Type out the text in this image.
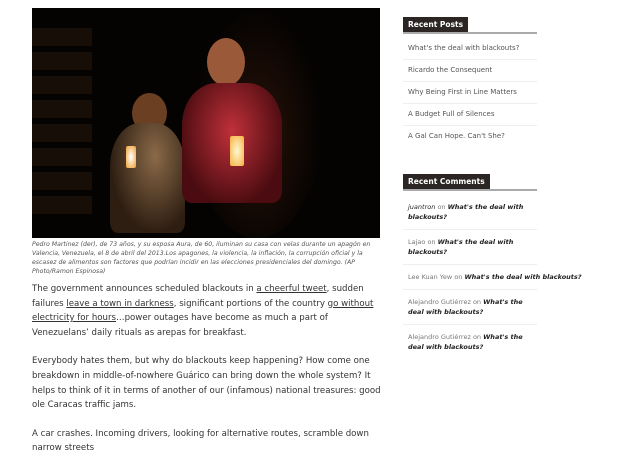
Pedro Martinez (der), de 73 años, y su esposa Aura, de 60, iluminan su casa con velas durante un apagón en Valencia, Venezuela, el 8 de abril del 2013.Los apagones, la violencia, la inflación, la corrupción oficial y la escasez de alimentos son factores que podrían incidir en las elecciones presidenciales del domingo. (AP Photo/Ramon Espinosa)

The government announces scheduled blackouts in a cheerful tweet, sudden failures leave a town in darkness, significant portions of the country go without electricity for hours…power outages have become as much a part of Venezuelans’ daily rituals as arepas for breakfast.

Everybody hates them, but why do blackouts keep happening? How come one breakdown in middle-of-nowhere Guárico can bring down the whole system? It helps to think of it in terms of another of our (infamous) national treasures: good ole Caracas traffic jams.

A car crashes. Incoming drivers, looking for alternative routes, scramble down narrow streets

Recent Posts
What's the deal with blackouts?
Ricardo the Consequent
Why Being First in Line Matters
A Budget Full of Silences
A Gal Can Hope. Can't She?
Recent Comments
juantron on What's the deal with blackouts?
Lajao on What's the deal with blackouts?
Lee Kuan Yew on What's the deal with blackouts?
Alejandro Gutiérrez on What's the deal with blackouts?
Alejandro Gutiérrez on What's the deal with blackouts?
